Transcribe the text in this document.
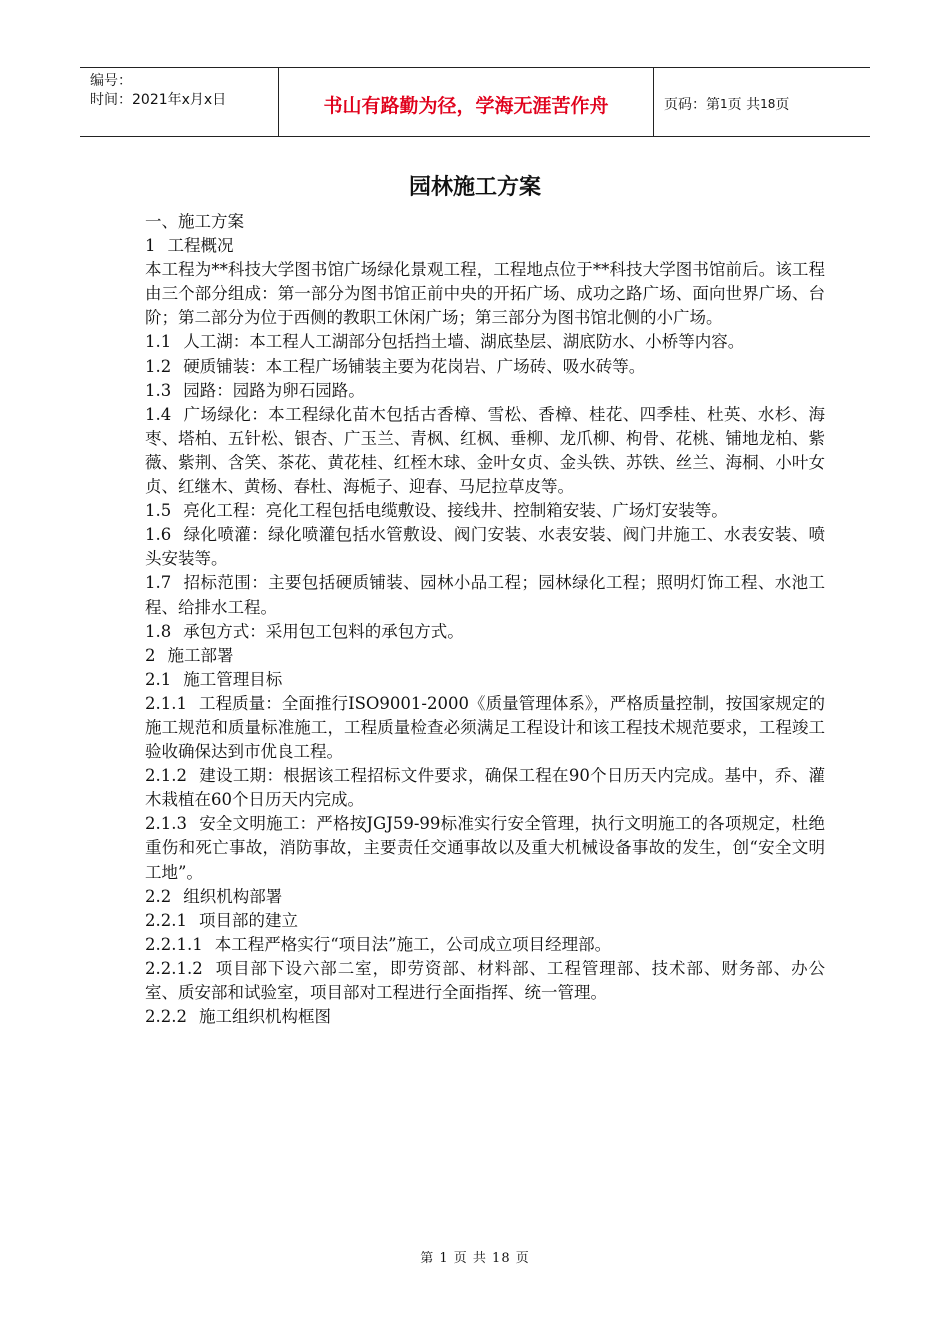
编号：
时间：2021年x月x日	书山有路勤为径，学海无涯苦作舟	页码：第 1 页 共 18 页
园林施工方案

一、施工方案

1 工程概况

本工程为**科技大学图书馆广场绿化景观工程，工程地点位于**科技大学图书馆前后。该工程由三个部分组成：第一部分为图书馆正前中央的开拓广场、成功之路广场、面向世界广场、台阶；第二部分为位于西侧的教职工休闲广场；第三部分为图书馆北侧的小广场。

1.1 人工湖：本工程人工湖部分包括挡土墙、湖底垫层、湖底防水、小桥等内容。

1.2 硬质铺装：本工程广场铺装主要为花岗岩、广场砖、吸水砖等。

1.3 园路：园路为卵石园路。

1.4 广场绿化：本工程绿化苗木包括古香樟、雪松、香樟、桂花、四季桂、杜英、水杉、海枣、塔柏、五针松、银杏、广玉兰、青枫、红枫、垂柳、龙爪柳、枸骨、花桃、铺地龙柏、紫薇、紫荆、含笑、茶花、黄花桂、红桎木球、金叶女贞、金头铁、苏铁、丝兰、海桐、小叶女贞、红继木、黄杨、春杜、海栀子、迎春、马尼拉草皮等。

1.5 亮化工程：亮化工程包括电缆敷设、接线井、控制箱安装、广场灯安装等。

1.6 绿化喷灌：绿化喷灌包括水管敷设、阀门安装、水表安装、阀门井施工、水表安装、喷头安装等。

1.7 招标范围：主要包括硬质铺装、园林小品工程；园林绿化工程；照明灯饰工程、水池工程、给排水工程。

1.8 承包方式：采用包工包料的承包方式。

2 施工部署

2.1 施工管理目标

2.1.1 工程质量：全面推行ISO9001-2000《质量管理体系》，严格质量控制，按国家规定的施工规范和质量标准施工，工程质量检查必须满足工程设计和该工程技术规范要求，工程竣工验收确保达到市优良工程。

2.1.2 建设工期：根据该工程招标文件要求，确保工程在90个日历天内完成。基中，乔、灌木栽植在60个日历天内完成。

2.1.3 安全文明施工：严格按JGJ59-99标准实行安全管理，执行文明施工的各项规定，杜绝重伤和死亡事故，消防事故，主要责任交通事故以及重大机械设备事故的发生，创“安全文明工地”。

2.2 组织机构部署

2.2.1 项目部的建立

2.2.1.1 本工程严格实行“项目法”施工，公司成立项目经理部。

2.2.1.2 项目部下设六部二室，即劳资部、材料部、工程管理部、技术部、财务部、办公室、质安部和试验室，项目部对工程进行全面指挥、统一管理。

2.2.2 施工组织机构框图

第 1 页 共 18 页
